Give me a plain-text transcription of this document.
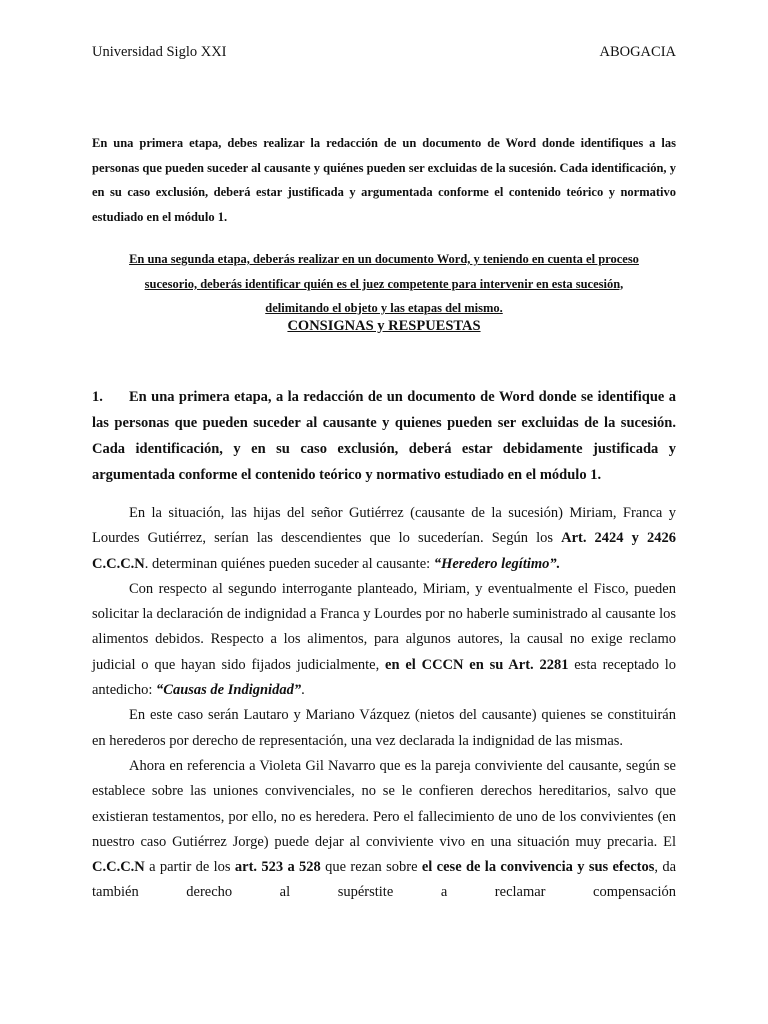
Universidad Siglo XXI	ABOGACIA
En una primera etapa, debes realizar la redacción de un documento de Word donde identifiques a las personas que pueden suceder al causante y quiénes pueden ser excluidas de la sucesión. Cada identificación, y en su caso exclusión, deberá estar justificada y argumentada conforme el contenido teórico y normativo estudiado en el módulo 1.
En una segunda etapa, deberás realizar en un documento Word, y teniendo en cuenta el proceso
sucesorio, deberás identificar quién es el juez competente para intervenir en esta sucesión,
delimitando el objeto y las etapas del mismo.
CONSIGNAS y RESPUESTAS
1. En una primera etapa, a la redacción de un documento de Word donde se identifique a las personas que pueden suceder al causante y quienes pueden ser excluidas de la sucesión. Cada identificación, y en su caso exclusión, deberá estar debidamente justificada y argumentada conforme el contenido teórico y normativo estudiado en el módulo 1.

En la situación, las hijas del señor Gutiérrez (causante de la sucesión) Miriam, Franca y Lourdes Gutiérrez, serían las descendientes que lo sucederían. Según los Art. 2424 y 2426 C.C.C.N. determinan quiénes pueden suceder al causante: “Heredero legítimo”.

Con respecto al segundo interrogante planteado, Miriam, y eventualmente el Fisco, pueden solicitar la declaración de indignidad a Franca y Lourdes por no haberle suministrado al causante los alimentos debidos. Respecto a los alimentos, para algunos autores, la causal no exige reclamo judicial o que hayan sido fijados judicialmente, en el CCCN en su Art. 2281 esta receptado lo antedicho: “Causas de Indignidad”.

En este caso serán Lautaro y Mariano Vázquez (nietos del causante) quienes se constituirán en herederos por derecho de representación, una vez declarada la indignidad de las mismas.

Ahora en referencia a Violeta Gil Navarro que es la pareja conviviente del causante, según se establece sobre las uniones convivenciales, no se le confieren derechos hereditarios, salvo que existieran testamentos, por ello, no es heredera. Pero el fallecimiento de uno de los convivientes (en nuestro caso Gutiérrez Jorge) puede dejar al conviviente vivo en una situación muy precaria. El C.C.C.N a partir de los art. 523 a 528 que rezan sobre el cese de la convivencia y sus efectos, da también derecho al supérstite a reclamar compensación
